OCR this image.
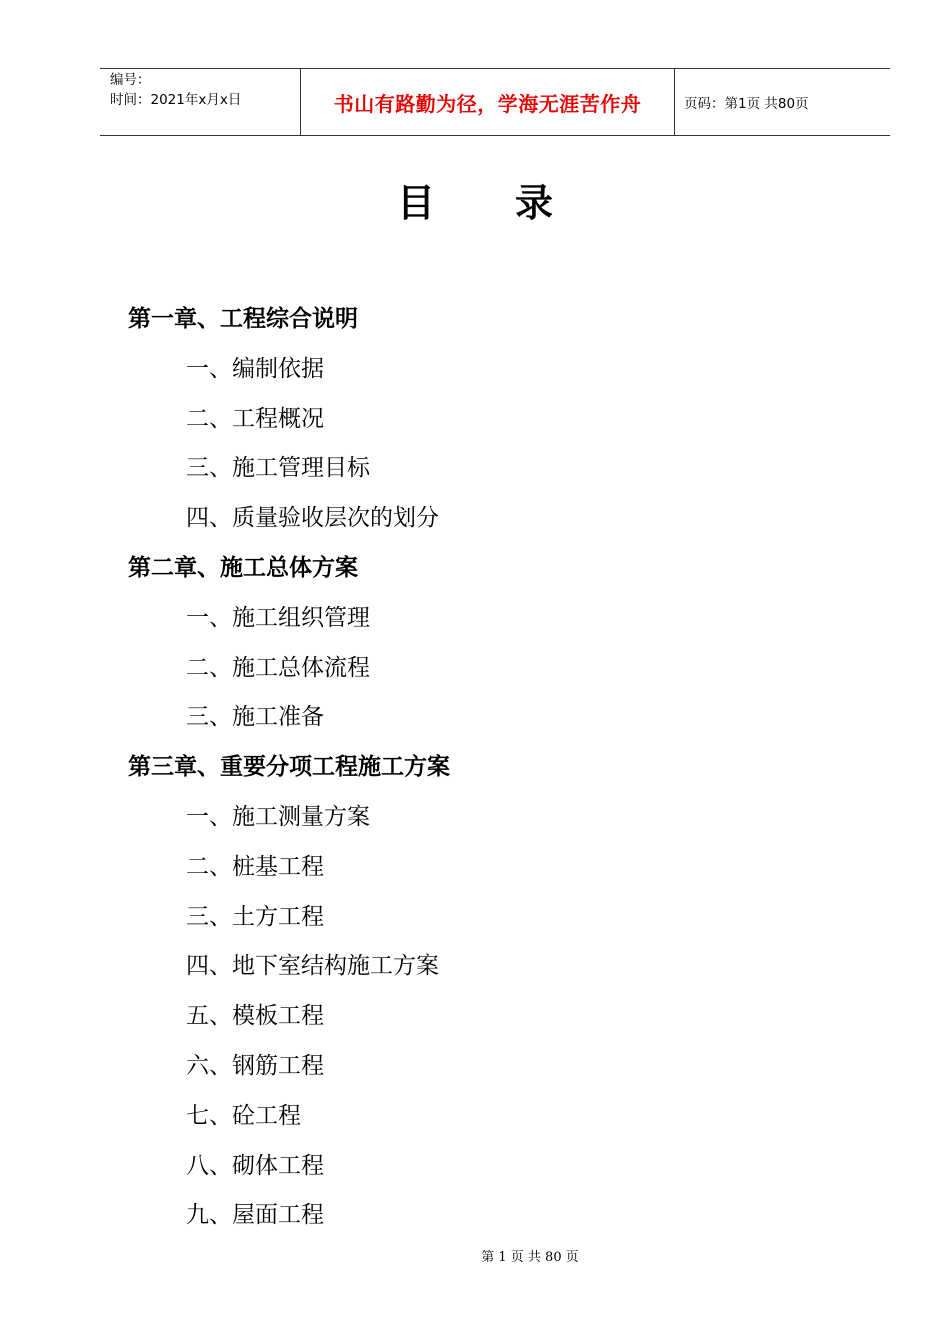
编号：
时间：2021年x月x日	书山有路勤为径，学海无涯苦作舟	页码：第1页 共80页
目录
第一章、工程综合说明
一、编制依据
二、工程概况
三、施工管理目标
四、质量验收层次的划分
第二章、施工总体方案
一、施工组织管理
二、施工总体流程
三、施工准备
第三章、重要分项工程施工方案
一、施工测量方案
二、桩基工程
三、土方工程
四、地下室结构施工方案
五、模板工程
六、钢筋工程
七、砼工程
八、砌体工程
九、屋面工程
第 1 页 共 80 页
